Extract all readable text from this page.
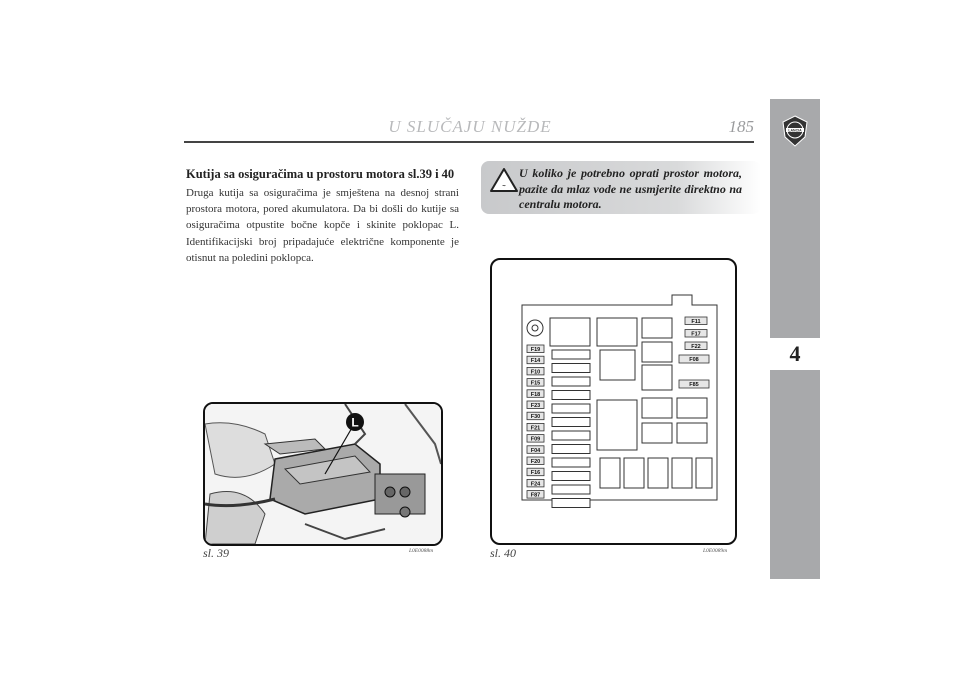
LANCIA
4
U SLUČAJU NUŽDE	185
Kutija sa osiguračima u prostoru motora sl.39 i 40
Druga kutija sa osiguračima je smještena na desnoj strani prostora motora, pored akumulatora. Da bi došli do kutije sa osiguračima otpustite bočne kopče i skinite poklopac L. Identifikacijski broj pripadajuće električne komponente je otisnut na poledini poklopca.
~
U koliko je potrebno oprati prostor motora, pazite da mlaz vode ne usmjerite direktno na centralu motora.
L
sl. 39	L0E0088m
F19
F14
F10
F15
F18
F23
F30
F21
F09
F04
F20
F16
F24
F87
F11
F17
F22
F08
F85
sl. 40	L0E0089m
